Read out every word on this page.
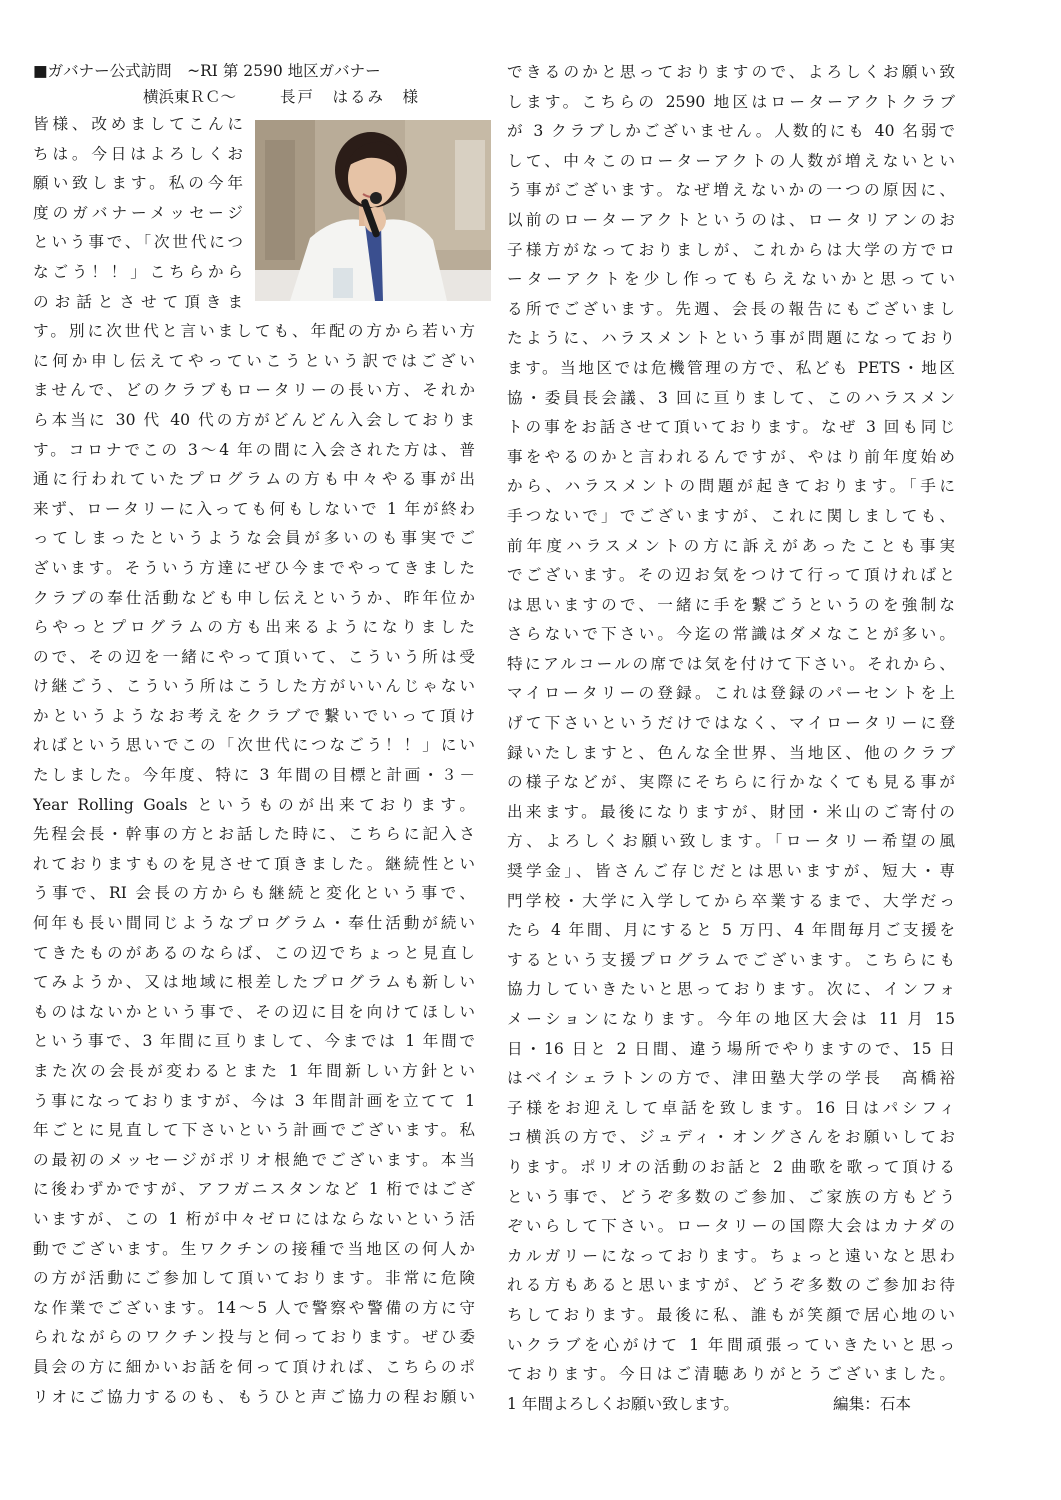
■ガバナー公式訪問　~RI 第 2590 地区ガバナー
横浜東ＲＣ～	長戸　はるみ　様
皆様、改めましてこんに
ちは。今日はよろしくお
願い致します。私の今年
度のガバナーメッセージ
という事で、「次世代につ
なごう！！」こちらから
のお話とさせて頂きま
す。別に次世代と言いましても、年配の方から若い方
に何か申し伝えてやっていこうという訳ではござい
ませんで、どのクラブもロータリーの長い方、それか
ら本当に 30 代 40 代の方がどんどん入会しておりま
す。コロナでこの 3～4 年の間に入会された方は、普
通に行われていたプログラムの方も中々やる事が出
来ず、ロータリーに入っても何もしないで 1 年が終わ
ってしまったというような会員が多いのも事実でご
ざいます。そういう方達にぜひ今までやってきました
クラブの奉仕活動なども申し伝えというか、昨年位か
らやっとプログラムの方も出来るようになりました
ので、その辺を一緒にやって頂いて、こういう所は受
け継ごう、こういう所はこうした方がいいんじゃない
かというようなお考えをクラブで繋いでいって頂け
ればという思いでこの「次世代につなごう！！」にい
たしました。今年度、特に 3 年間の目標と計画・３－
Year Rolling Goals というものが出来ております。
先程会長・幹事の方とお話した時に、こちらに記入さ
れておりますものを見させて頂きました。継続性とい
う事で、RI 会長の方からも継続と変化という事で、
何年も長い間同じようなプログラム・奉仕活動が続い
てきたものがあるのならば、この辺でちょっと見直し
てみようか、又は地域に根差したプログラムも新しい
ものはないかという事で、その辺に目を向けてほしい
という事で、3 年間に亘りまして、今までは 1 年間で
また次の会長が変わるとまた 1 年間新しい方針とい
う事になっておりますが、今は 3 年間計画を立てて 1
年ごとに見直して下さいという計画でございます。私
の最初のメッセージがポリオ根絶でございます。本当
に後わずかですが、アフガニスタンなど 1 桁ではござ
いますが、この 1 桁が中々ゼロにはならないという活
動でございます。生ワクチンの接種で当地区の何人か
の方が活動にご参加して頂いております。非常に危険
な作業でございます。14～5 人で警察や警備の方に守
られながらのワクチン投与と伺っております。ぜひ委
員会の方に細かいお話を伺って頂ければ、こちらのポ
リオにご協力するのも、もうひと声ご協力の程お願い
できるのかと思っておりますので、よろしくお願い致
します。こちらの 2590 地区はローターアクトクラブ
が 3 クラブしかございません。人数的にも 40 名弱で
して、中々このローターアクトの人数が増えないとい
う事がございます。なぜ増えないかの一つの原因に、
以前のローターアクトというのは、ロータリアンのお
子様方がなっておりましが、これからは大学の方でロ
ーターアクトを少し作ってもらえないかと思ってい
る所でございます。先週、会長の報告にもございまし
たように、ハラスメントという事が問題になっており
ます。当地区では危機管理の方で、私ども PETS・地区
協・委員長会議、3 回に亘りまして、このハラスメン
トの事をお話させて頂いております。なぜ 3 回も同じ
事をやるのかと言われるんですが、やはり前年度始め
から、ハラスメントの問題が起きております。「手に
手つないで」でございますが、これに関しましても、
前年度ハラスメントの方に訴えがあったことも事実
でございます。その辺お気をつけて行って頂ければと
は思いますので、一緒に手を繋ごうというのを強制な
さらないで下さい。今迄の常識はダメなことが多い。
特にアルコールの席では気を付けて下さい。それから、
マイロータリーの登録。これは登録のパーセントを上
げて下さいというだけではなく、マイロータリーに登
録いたしますと、色んな全世界、当地区、他のクラブ
の様子などが、実際にそちらに行かなくても見る事が
出来ます。最後になりますが、財団・米山のご寄付の
方、よろしくお願い致します。「ロータリー希望の風
奨学金」、皆さんご存じだとは思いますが、短大・専
門学校・大学に入学してから卒業するまで、大学だっ
たら 4 年間、月にすると 5 万円、4 年間毎月ご支援を
するという支援プログラムでございます。こちらにも
協力していきたいと思っております。次に、インフォ
メーションになります。今年の地区大会は 11 月 15
日・16 日と 2 日間、違う場所でやりますので、15 日
はベイシェラトンの方で、津田塾大学の学長　高橋裕
子様をお迎えして卓話を致します。16 日はパシフィ
コ横浜の方で、ジュディ・オングさんをお願いしてお
ります。ポリオの活動のお話と 2 曲歌を歌って頂ける
という事で、どうぞ多数のご参加、ご家族の方もどう
ぞいらして下さい。ロータリーの国際大会はカナダの
カルガリーになっております。ちょっと遠いなと思わ
れる方もあると思いますが、どうぞ多数のご参加お待
ちしております。最後に私、誰もが笑顔で居心地のい
いクラブを心がけて 1 年間頑張っていきたいと思っ
ております。今日はご清聴ありがとうございました。
1 年間よろしくお願い致します。	編集：石本
